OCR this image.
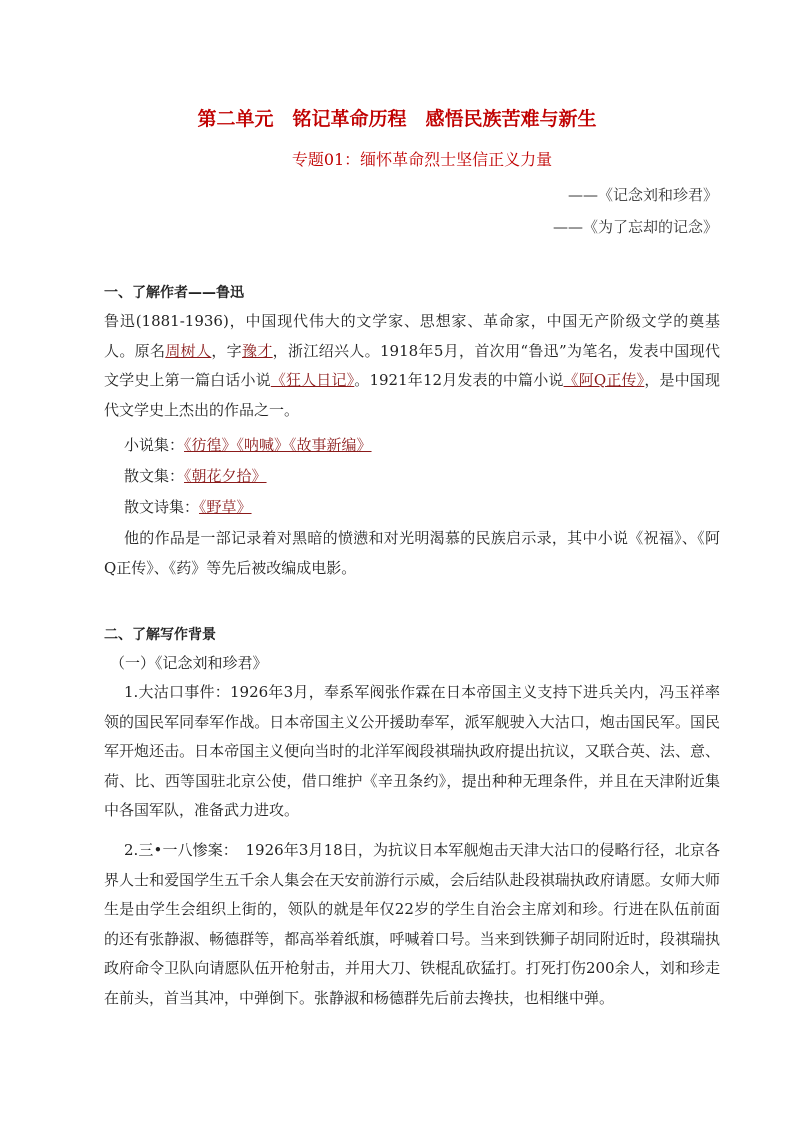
第二单元　铭记革命历程　感悟民族苦难与新生
专题01：缅怀革命烈士坚信正义力量
——《记念刘和珍君》
——《为了忘却的记念》
一、了解作者——鲁迅
鲁迅(1881-1936)，中国现代伟大的文学家、思想家、革命家，中国无产阶级文学的奠基人。原名周树人，字豫才，浙江绍兴人。1918年5月，首次用“鲁迅”为笔名，发表中国现代文学史上第一篇白话小说《狂人日记》。1921年12月发表的中篇小说《阿Q正传》，是中国现代文学史上杰出的作品之一。
小说集：《彷徨》《呐喊》《故事新编》
散文集：《朝花夕拾》
散文诗集：《野草》
他的作品是一部记录着对黑暗的愤懑和对光明渴慕的民族启示录，其中小说《祝福》、《阿Q正传》、《药》等先后被改编成电影。
二、了解写作背景
（一）《记念刘和珍君》
1.大沽口事件：1926年3月，奉系军阀张作霖在日本帝国主义支持下进兵关内，冯玉祥率领的国民军同奉军作战。日本帝国主义公开援助奉军，派军舰驶入大沽口，炮击国民军。国民军开炮还击。日本帝国主义便向当时的北洋军阀段祺瑞执政府提出抗议，又联合英、法、意、荷、比、西等国驻北京公使，借口维护《辛丑条约》，提出种种无理条件，并且在天津附近集中各国军队，准备武力进攻。
2.三•一八惨案：　1926年3月18日，为抗议日本军舰炮击天津大沽口的侵略行径，北京各界人士和爱国学生五千余人集会在天安前游行示威，会后结队赴段祺瑞执政府请愿。女师大师生是由学生会组织上街的，领队的就是年仅22岁的学生自治会主席刘和珍。行进在队伍前面的还有张静淑、畅德群等，都高举着纸旗，呼喊着口号。当来到铁狮子胡同附近时，段祺瑞执政府命令卫队向请愿队伍开枪射击，并用大刀、铁棍乱砍猛打。打死打伤200余人，刘和珍走在前头，首当其冲，中弹倒下。张静淑和杨德群先后前去搀扶，也相继中弹。
